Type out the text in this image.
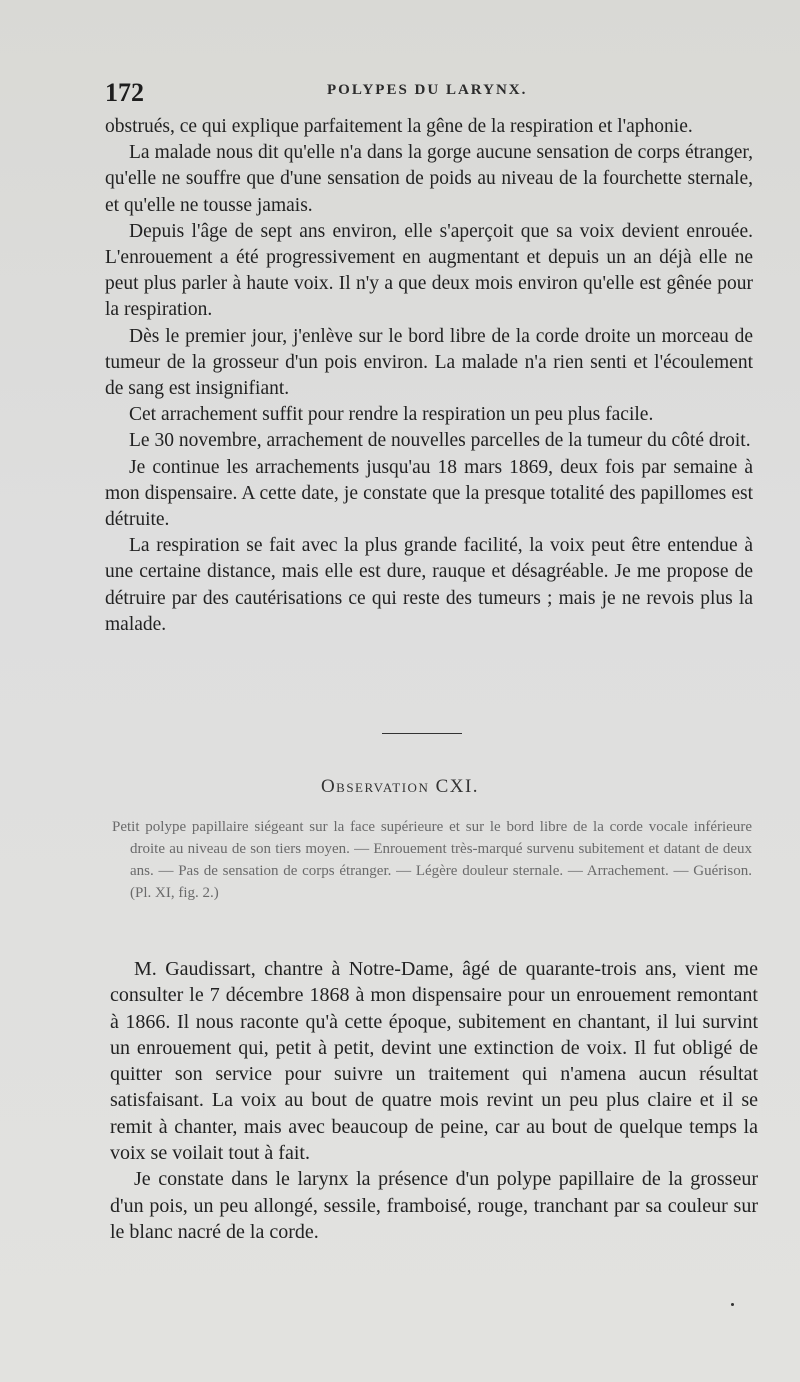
172	POLYPES DU LARYNX.

obstrués, ce qui explique parfaitement la gêne de la respiration et l'aphonie.

La malade nous dit qu'elle n'a dans la gorge aucune sensation de corps étranger, qu'elle ne souffre que d'une sensation de poids au niveau de la fourchette sternale, et qu'elle ne tousse jamais.

Depuis l'âge de sept ans environ, elle s'aperçoit que sa voix devient enrouée. L'enrouement a été progressivement en augmentant et depuis un an déjà elle ne peut plus parler à haute voix. Il n'y a que deux mois environ qu'elle est gênée pour la respiration.

Dès le premier jour, j'enlève sur le bord libre de la corde droite un morceau de tumeur de la grosseur d'un pois environ. La malade n'a rien senti et l'écoulement de sang est insignifiant.

Cet arrachement suffit pour rendre la respiration un peu plus facile.

Le 30 novembre, arrachement de nouvelles parcelles de la tumeur du côté droit.

Je continue les arrachements jusqu'au 18 mars 1869, deux fois par semaine à mon dispensaire. A cette date, je constate que la presque totalité des papillomes est détruite.

La respiration se fait avec la plus grande facilité, la voix peut être entendue à une certaine distance, mais elle est dure, rauque et désagréable. Je me propose de détruire par des cautérisations ce qui reste des tumeurs ; mais je ne revois plus la malade.

Observation CXI.

Petit polype papillaire siégeant sur la face supérieure et sur le bord libre de la corde vocale inférieure droite au niveau de son tiers moyen. — Enrouement très-marqué survenu subitement et datant de deux ans. — Pas de sensation de corps étranger. — Légère douleur sternale. — Arrachement. — Guérison. (Pl. XI, fig. 2.)

M. Gaudissart, chantre à Notre-Dame, âgé de quarante-trois ans, vient me consulter le 7 décembre 1868 à mon dispensaire pour un enrouement remontant à 1866. Il nous raconte qu'à cette époque, subitement en chantant, il lui survint un enrouement qui, petit à petit, devint une extinction de voix. Il fut obligé de quitter son service pour suivre un traitement qui n'amena aucun résultat satisfaisant. La voix au bout de quatre mois revint un peu plus claire et il se remit à chanter, mais avec beaucoup de peine, car au bout de quelque temps la voix se voilait tout à fait.

Je constate dans le larynx la présence d'un polype papillaire de la grosseur d'un pois, un peu allongé, sessile, framboisé, rouge, tranchant par sa couleur sur le blanc nacré de la corde.
